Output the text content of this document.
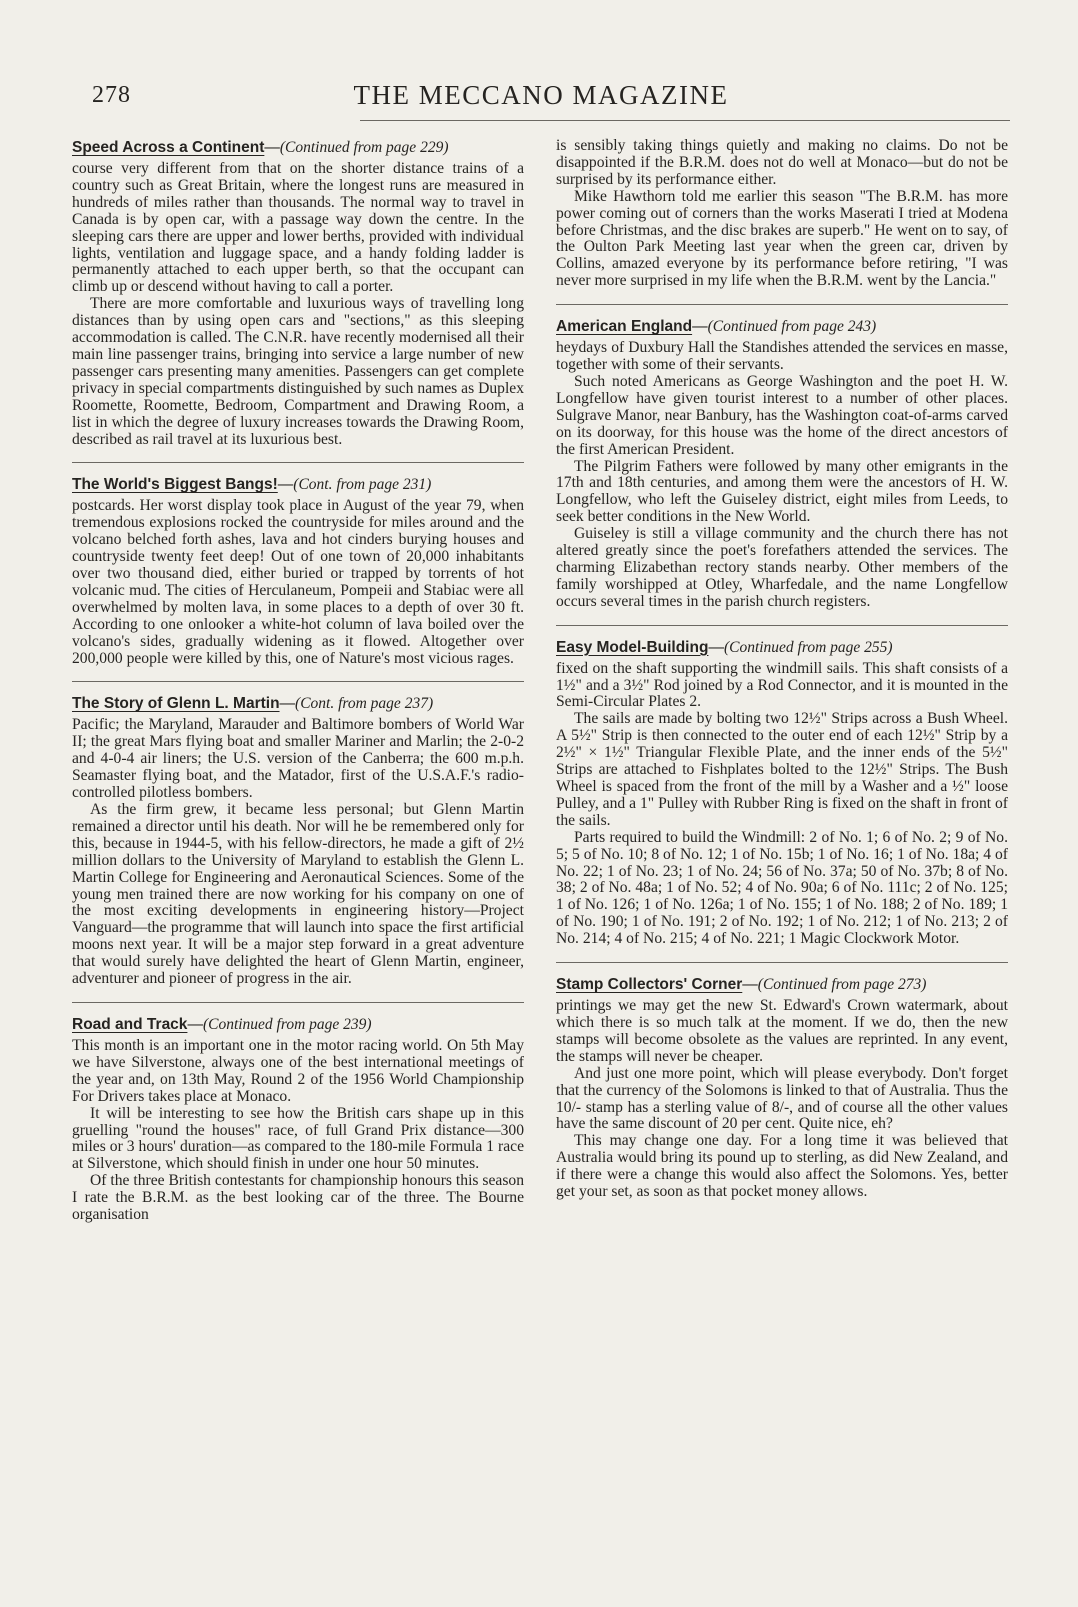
278	THE MECCANO MAGAZINE
Speed Across a Continent—(Continued from page 229)
course very different from that on the shorter distance trains of a country such as Great Britain, where the longest runs are measured in hundreds of miles rather than thousands. The normal way to travel in Canada is by open car, with a passage way down the centre. In the sleeping cars there are upper and lower berths, provided with individual lights, ventilation and luggage space, and a handy folding ladder is permanently attached to each upper berth, so that the occupant can climb up or descend without having to call a porter.
There are more comfortable and luxurious ways of travelling long distances than by using open cars and "sections," as this sleeping accommodation is called. The C.N.R. have recently modernised all their main line passenger trains, bringing into service a large number of new passenger cars presenting many amenities. Passengers can get complete privacy in special compartments distinguished by such names as Duplex Roomette, Roomette, Bedroom, Compartment and Drawing Room, a list in which the degree of luxury increases towards the Drawing Room, described as rail travel at its luxurious best.
The World's Biggest Bangs!—(Cont. from page 231)
postcards. Her worst display took place in August of the year 79, when tremendous explosions rocked the countryside for miles around and the volcano belched forth ashes, lava and hot cinders burying houses and countryside twenty feet deep! Out of one town of 20,000 inhabitants over two thousand died, either buried or trapped by torrents of hot volcanic mud. The cities of Herculaneum, Pompeii and Stabiac were all overwhelmed by molten lava, in some places to a depth of over 30 ft. According to one onlooker a white-hot column of lava boiled over the volcano's sides, gradually widening as it flowed. Altogether over 200,000 people were killed by this, one of Nature's most vicious rages.
The Story of Glenn L. Martin—(Cont. from page 237)
Pacific; the Maryland, Marauder and Baltimore bombers of World War II; the great Mars flying boat and smaller Mariner and Marlin; the 2-0-2 and 4-0-4 air liners; the U.S. version of the Canberra; the 600 m.p.h. Seamaster flying boat, and the Matador, first of the U.S.A.F.'s radio-controlled pilotless bombers.
As the firm grew, it became less personal; but Glenn Martin remained a director until his death. Nor will he be remembered only for this, because in 1944-5, with his fellow-directors, he made a gift of 2½ million dollars to the University of Maryland to establish the Glenn L. Martin College for Engineering and Aeronautical Sciences. Some of the young men trained there are now working for his company on one of the most exciting developments in engineering history—Project Vanguard—the programme that will launch into space the first artificial moons next year. It will be a major step forward in a great adventure that would surely have delighted the heart of Glenn Martin, engineer, adventurer and pioneer of progress in the air.
Road and Track—(Continued from page 239)
This month is an important one in the motor racing world. On 5th May we have Silverstone, always one of the best international meetings of the year and, on 13th May, Round 2 of the 1956 World Championship For Drivers takes place at Monaco.
It will be interesting to see how the British cars shape up in this gruelling "round the houses" race, of full Grand Prix distance—300 miles or 3 hours' duration—as compared to the 180-mile Formula 1 race at Silverstone, which should finish in under one hour 50 minutes.
Of the three British contestants for championship honours this season I rate the B.R.M. as the best looking car of the three. The Bourne organisation
is sensibly taking things quietly and making no claims. Do not be disappointed if the B.R.M. does not do well at Monaco—but do not be surprised by its performance either.
Mike Hawthorn told me earlier this season "The B.R.M. has more power coming out of corners than the works Maserati I tried at Modena before Christmas, and the disc brakes are superb." He went on to say, of the Oulton Park Meeting last year when the green car, driven by Collins, amazed everyone by its performance before retiring, "I was never more surprised in my life when the B.R.M. went by the Lancia."
American England—(Continued from page 243)
heydays of Duxbury Hall the Standishes attended the services en masse, together with some of their servants.
Such noted Americans as George Washington and the poet H. W. Longfellow have given tourist interest to a number of other places. Sulgrave Manor, near Banbury, has the Washington coat-of-arms carved on its doorway, for this house was the home of the direct ancestors of the first American President.
The Pilgrim Fathers were followed by many other emigrants in the 17th and 18th centuries, and among them were the ancestors of H. W. Longfellow, who left the Guiseley district, eight miles from Leeds, to seek better conditions in the New World.
Guiseley is still a village community and the church there has not altered greatly since the poet's forefathers attended the services. The charming Elizabethan rectory stands nearby. Other members of the family worshipped at Otley, Wharfedale, and the name Longfellow occurs several times in the parish church registers.
Easy Model-Building—(Continued from page 255)
fixed on the shaft supporting the windmill sails. This shaft consists of a 1½" and a 3½" Rod joined by a Rod Connector, and it is mounted in the Semi-Circular Plates 2.
The sails are made by bolting two 12½" Strips across a Bush Wheel. A 5½" Strip is then connected to the outer end of each 12½" Strip by a 2½" × 1½" Triangular Flexible Plate, and the inner ends of the 5½" Strips are attached to Fishplates bolted to the 12½" Strips. The Bush Wheel is spaced from the front of the mill by a Washer and a ½" loose Pulley, and a 1" Pulley with Rubber Ring is fixed on the shaft in front of the sails.
Parts required to build the Windmill: 2 of No. 1; 6 of No. 2; 9 of No. 5; 5 of No. 10; 8 of No. 12; 1 of No. 15b; 1 of No. 16; 1 of No. 18a; 4 of No. 22; 1 of No. 23; 1 of No. 24; 56 of No. 37a; 50 of No. 37b; 8 of No. 38; 2 of No. 48a; 1 of No. 52; 4 of No. 90a; 6 of No. 111c; 2 of No. 125; 1 of No. 126; 1 of No. 126a; 1 of No. 155; 1 of No. 188; 2 of No. 189; 1 of No. 190; 1 of No. 191; 2 of No. 192; 1 of No. 212; 1 of No. 213; 2 of No. 214; 4 of No. 215; 4 of No. 221; 1 Magic Clockwork Motor.
Stamp Collectors' Corner—(Continued from page 273)
printings we may get the new St. Edward's Crown watermark, about which there is so much talk at the moment. If we do, then the new stamps will become obsolete as the values are reprinted. In any event, the stamps will never be cheaper.
And just one more point, which will please everybody. Don't forget that the currency of the Solomons is linked to that of Australia. Thus the 10/- stamp has a sterling value of 8/-, and of course all the other values have the same discount of 20 per cent. Quite nice, eh?
This may change one day. For a long time it was believed that Australia would bring its pound up to sterling, as did New Zealand, and if there were a change this would also affect the Solomons. Yes, better get your set, as soon as that pocket money allows.
